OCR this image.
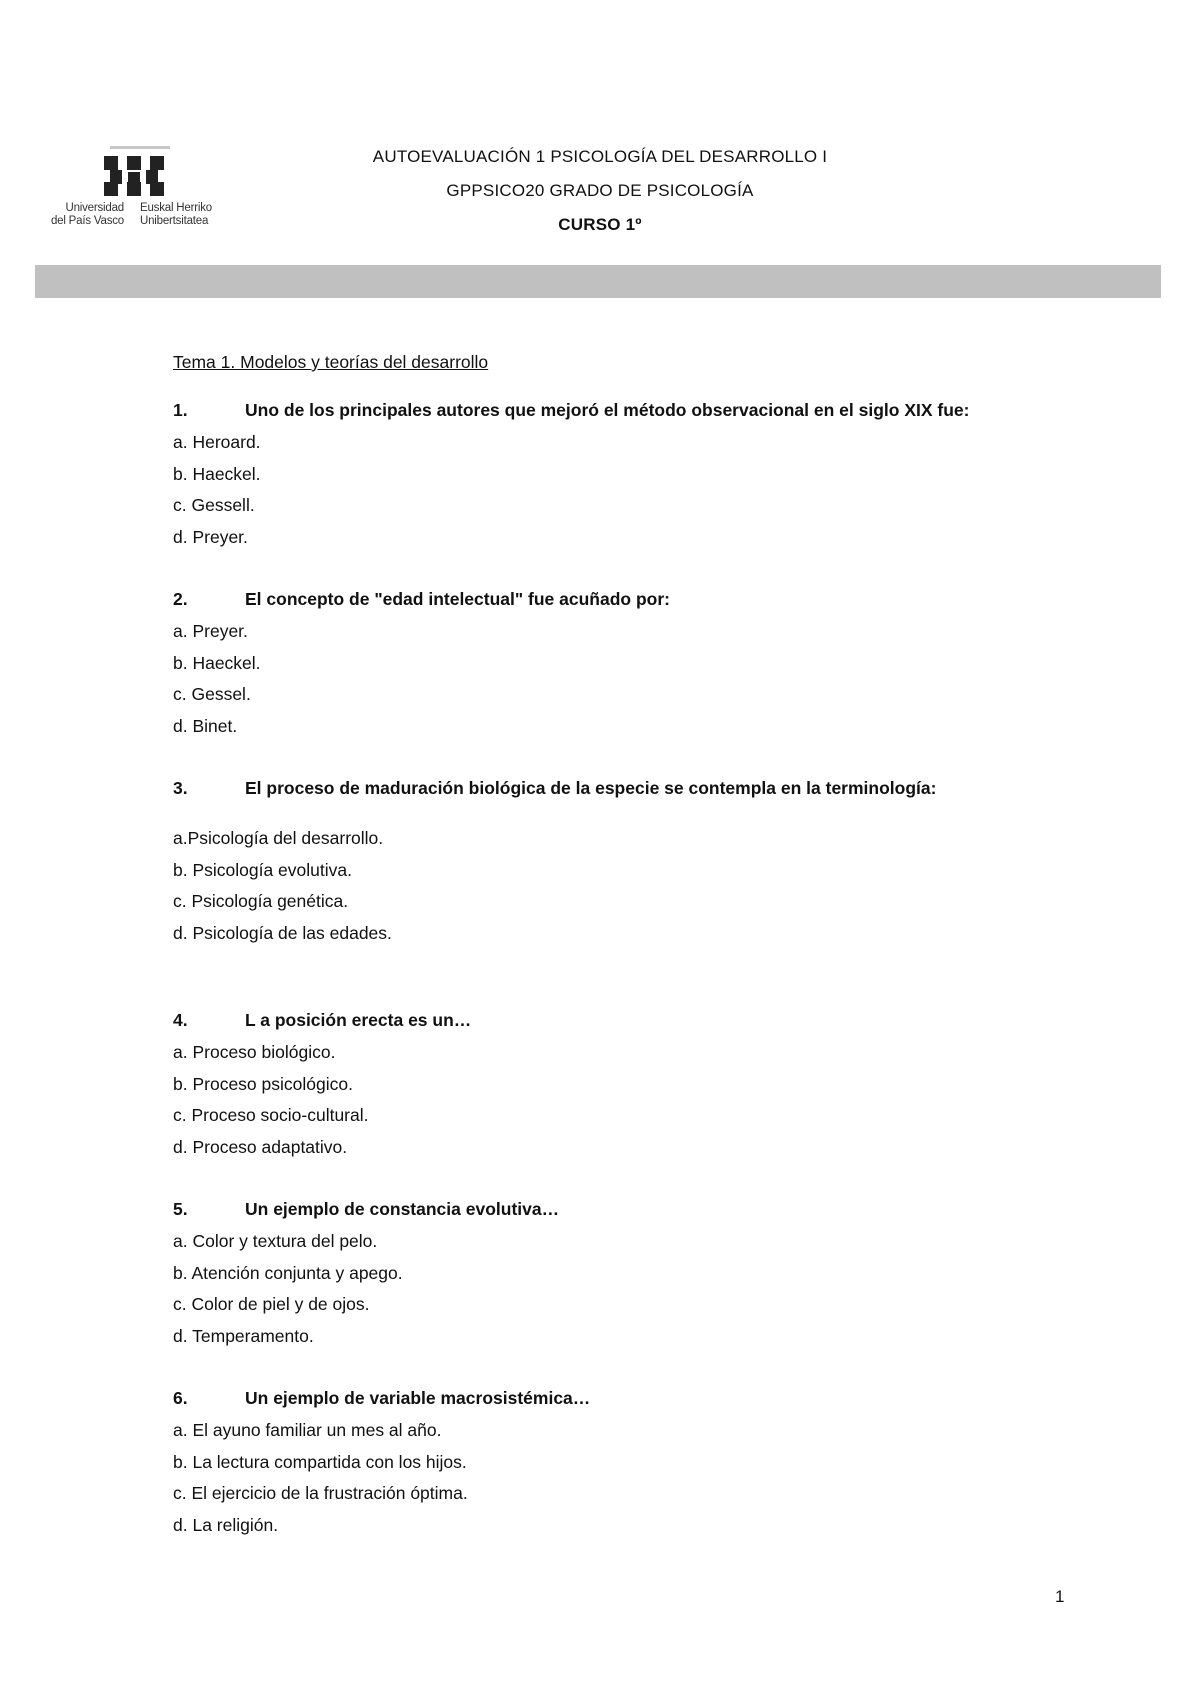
Universidad
del País Vasco
Euskal Herriko
Unibertsitatea
AUTOEVALUACIÓN 1 PSICOLOGÍA DEL DESARROLLO I
GPPSICO20 GRADO DE PSICOLOGÍA
CURSO 1º
Tema 1. Modelos y teorías del desarrollo
1.	Uno de los principales autores que mejoró el método observacional en el siglo XIX fue:
a. Heroard.
b. Haeckel.
c. Gessell.
d. Preyer.
2.	El concepto de "edad intelectual" fue acuñado por:
a. Preyer.
b. Haeckel.
c. Gessel.
d. Binet.
3.	El proceso de maduración biológica de la especie se contempla en la terminología:
a.Psicología del desarrollo.
b. Psicología evolutiva.
c. Psicología genética.
d. Psicología de las edades.
4.	L a posición erecta es un…
a. Proceso biológico.
b. Proceso psicológico.
c. Proceso socio-cultural.
d. Proceso adaptativo.
5.	Un ejemplo de constancia evolutiva…
a. Color y textura del pelo.
b. Atención conjunta y apego.
c. Color de piel y de ojos.
d. Temperamento.
6.	Un ejemplo de variable macrosistémica…
a. El ayuno familiar un mes al año.
b. La lectura compartida con los hijos.
c. El ejercicio de la frustración óptima.
d. La religión.
1
